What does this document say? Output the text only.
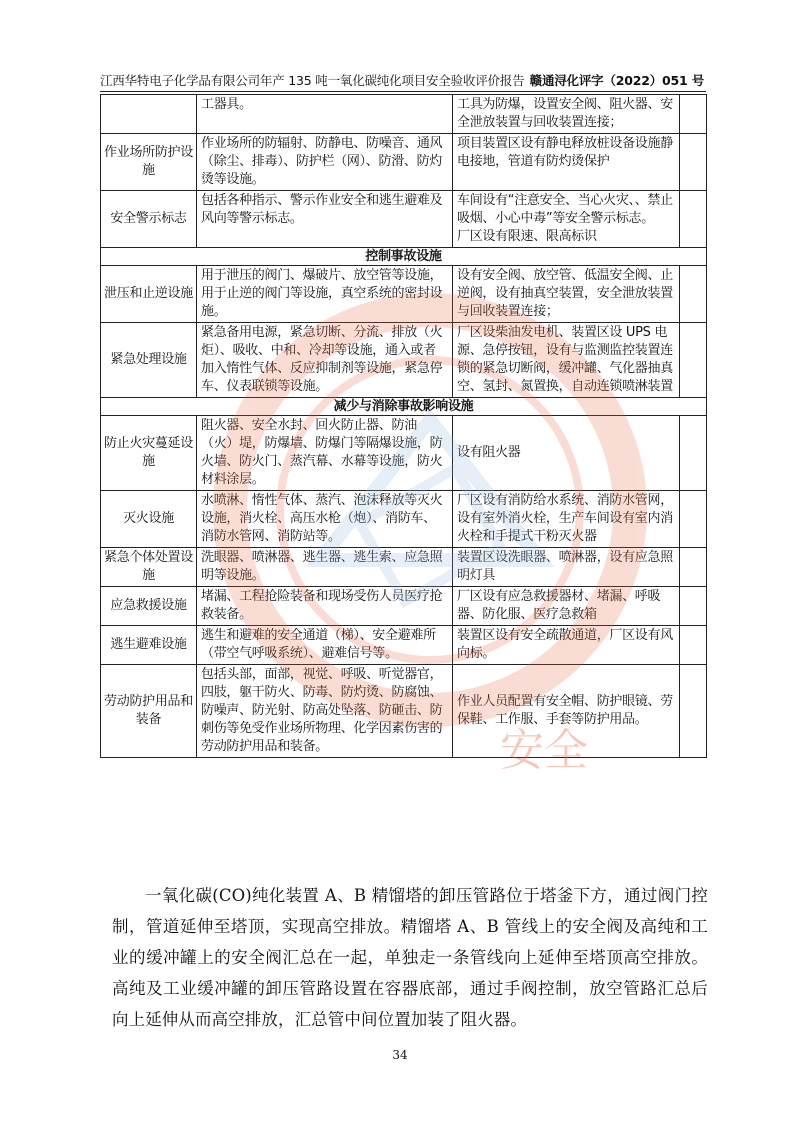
江西华特电子化学品有限公司年产 135 吨一氧化碳纯化项目安全验收评价报告 赣通浔化评字（2022）051 号
	工器具。	工具为防爆，设置安全阀、阻火器、安全泄放装置与回收装置连接；	
作业场所防护设施	作业场所的防辐射、防静电、防噪音、通风（除尘、排毒）、防护栏（网）、防滑、防灼烫等设施。	项目装置区设有静电释放桩设备设施静电接地，管道有防灼烫保护	
安全警示标志	包括各种指示、警示作业安全和逃生避难及风向等警示标志。	车间设有“注意安全、当心火灾、、禁止吸烟、小心中毒”等安全警示标志。
厂区设有限速、限高标识	
控制事故设施			
泄压和止逆设施	用于泄压的阀门、爆破片、放空管等设施，用于止逆的阀门等设施，真空系统的密封设施。	设有安全阀、放空管、低温安全阀、止逆阀，设有抽真空装置，安全泄放装置与回收装置连接；	
紧急处理设施	紧急备用电源，紧急切断、分流、排放（火炬）、吸收、中和、冷却等设施，通入或者加入惰性气体、反应抑制剂等设施，紧急停车、仪表联锁等设施。	厂区设柴油发电机、装置区设 UPS 电源、急停按钮，设有与监测监控装置连锁的紧急切断阀，缓冲罐、气化器抽真空、氢封、氮置换，自动连锁喷淋装置	
减少与消除事故影响设施			
防止火灾蔓延设施	阻火器、安全水封、回火防止器、防油（火）堤，防爆墙、防爆门等隔爆设施，防火墙、防火门、蒸汽幕、水幕等设施，防火材料涂层。	设有阻火器	
灭火设施	水喷淋、惰性气体、蒸汽、泡沫释放等灭火设施，消火栓、高压水枪（炮）、消防车、消防水管网、消防站等。	厂区设有消防给水系统、消防水管网，设有室外消火栓，生产车间设有室内消火栓和手提式干粉灭火器	
紧急个体处置设施	洗眼器、喷淋器、逃生器、逃生索、应急照明等设施。	装置区设洗眼器、喷淋器，设有应急照明灯具	
应急救援设施	堵漏、工程抢险装备和现场受伤人员医疗抢救装备。	厂区设有应急救援器材、堵漏、呼吸器、防化服、医疗急救箱	
逃生避难设施	逃生和避难的安全通道（梯）、安全避难所（带空气呼吸系统）、避难信号等。	装置区设有安全疏散通道，厂区设有风向标。	
劳动防护用品和装备	包括头部，面部，视觉、呼吸、听觉器官，四肢，躯干防火、防毒、防灼烫、防腐蚀、防噪声、防光射、防高处坠落、防砸击、防刺伤等免受作业场所物理、化学因素伤害的劳动防护用品和装备。	作业人员配置有安全帽、防护眼镜、劳保鞋、工作服、手套等防护用品。	

一氧化碳(CO)纯化装置 A、B 精馏塔的卸压管路位于塔釜下方，通过阀门控制，管道延伸至塔顶，实现高空排放。精馏塔 A、B 管线上的安全阀及高纯和工业的缓冲罐上的安全阀汇总在一起，单独走一条管线向上延伸至塔顶高空排放。高纯及工业缓冲罐的卸压管路设置在容器底部，通过手阀控制，放空管路汇总后向上延伸从而高空排放，汇总管中间位置加装了阻火器。

34
安全
